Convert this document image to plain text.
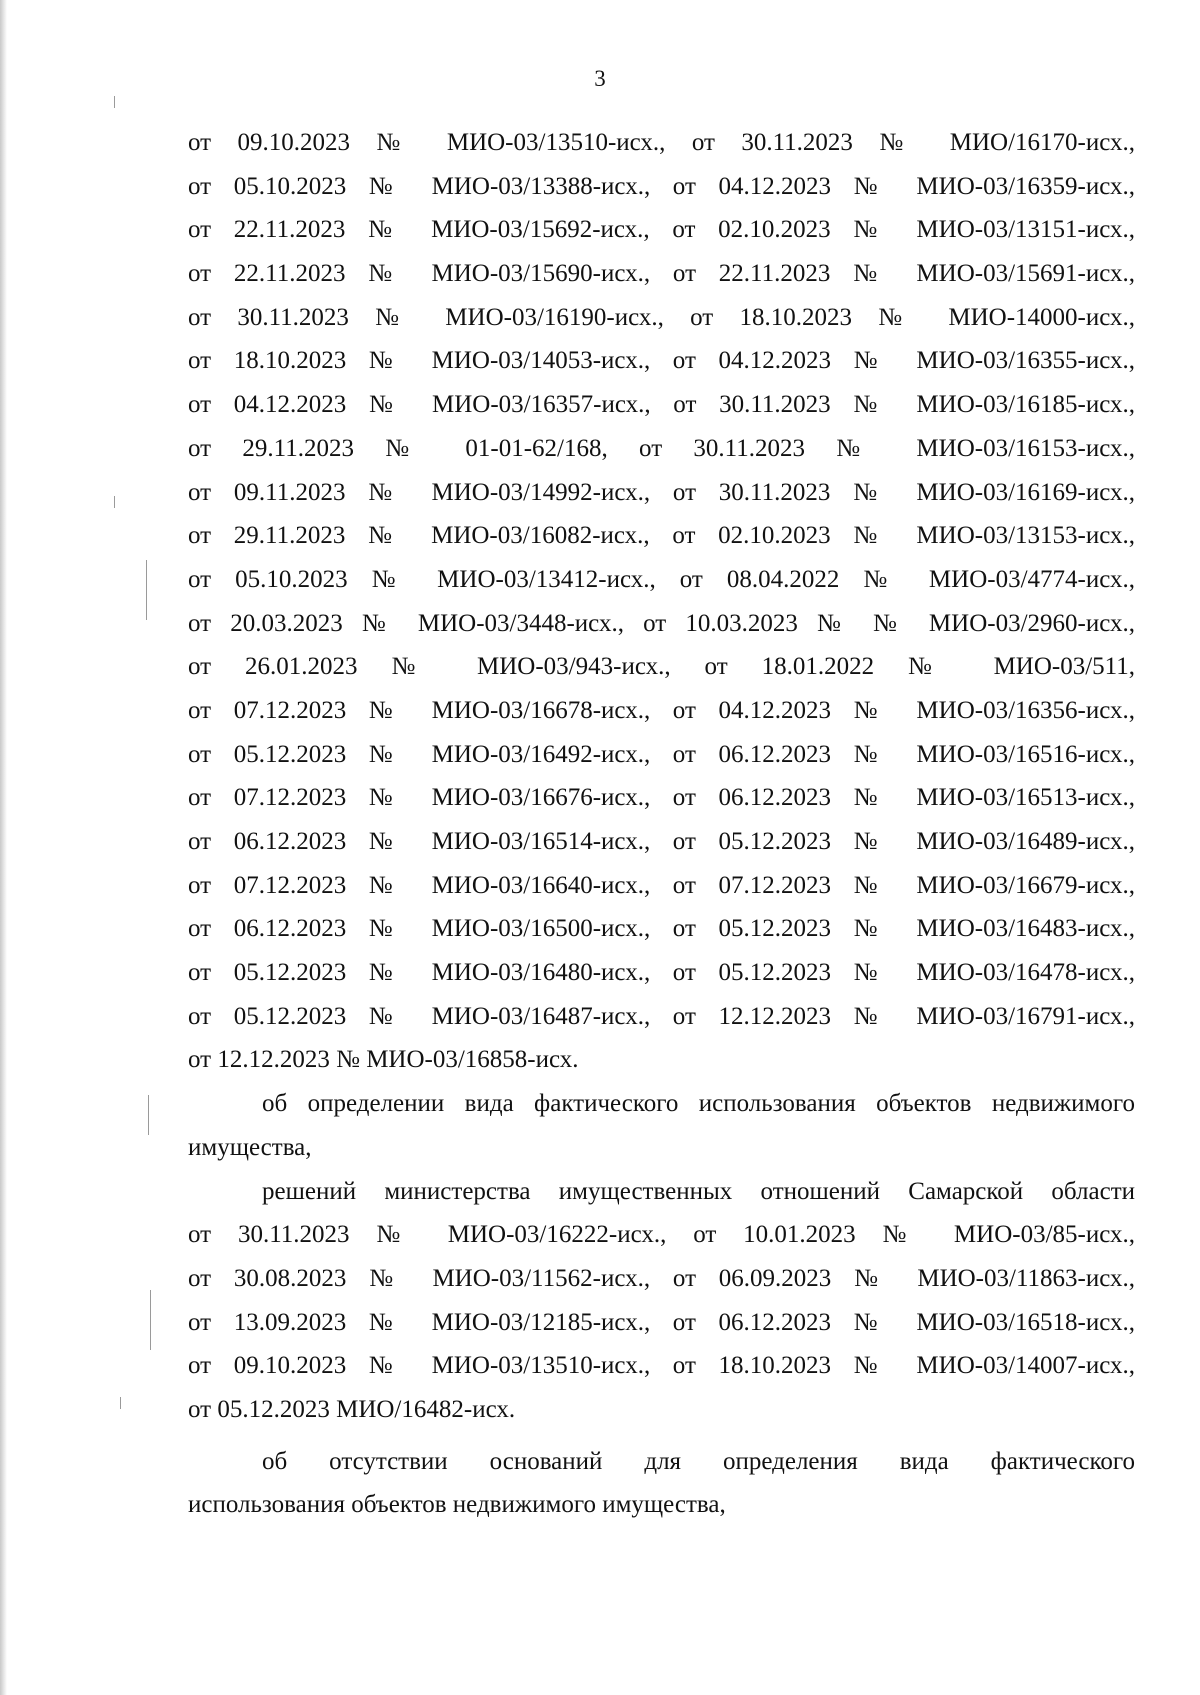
3
от 09.10.2023 № МИО-03/13510-исх., от 30.11.2023 № МИО/16170-исх.,
от 05.10.2023 № МИО-03/13388-исх., от 04.12.2023 № МИО-03/16359-исх.,
от 22.11.2023 № МИО-03/15692-исх., от 02.10.2023 № МИО-03/13151-исх.,
от 22.11.2023 № МИО-03/15690-исх., от 22.11.2023 № МИО-03/15691-исх.,
от 30.11.2023 № МИО-03/16190-исх., от 18.10.2023 № МИО-14000-исх.,
от 18.10.2023 № МИО-03/14053-исх., от 04.12.2023 № МИО-03/16355-исх.,
от 04.12.2023 № МИО-03/16357-исх., от 30.11.2023 № МИО-03/16185-исх.,
от 29.11.2023 № 01-01-62/168, от 30.11.2023 № МИО-03/16153-исх.,
от 09.11.2023 № МИО-03/14992-исх., от 30.11.2023 № МИО-03/16169-исх.,
от 29.11.2023 № МИО-03/16082-исх., от 02.10.2023 № МИО-03/13153-исх.,
от 05.10.2023 № МИО-03/13412-исх., от 08.04.2022 № МИО-03/4774-исх.,
от 20.03.2023 № МИО-03/3448-исх., от 10.03.2023 № № МИО-03/2960-исх.,
от 26.01.2023 № МИО-03/943-исх., от 18.01.2022 № МИО-03/511,
от 07.12.2023 № МИО-03/16678-исх., от 04.12.2023 № МИО-03/16356-исх.,
от 05.12.2023 № МИО-03/16492-исх., от 06.12.2023 № МИО-03/16516-исх.,
от 07.12.2023 № МИО-03/16676-исх., от 06.12.2023 № МИО-03/16513-исх.,
от 06.12.2023 № МИО-03/16514-исх., от 05.12.2023 № МИО-03/16489-исх.,
от 07.12.2023 № МИО-03/16640-исх., от 07.12.2023 № МИО-03/16679-исх.,
от 06.12.2023 № МИО-03/16500-исх., от 05.12.2023 № МИО-03/16483-исх.,
от 05.12.2023 № МИО-03/16480-исх., от 05.12.2023 № МИО-03/16478-исх.,
от 05.12.2023 № МИО-03/16487-исх., от 12.12.2023 № МИО-03/16791-исх.,
от 12.12.2023 № МИО-03/16858-исх.
об определении вида фактического использования объектов недвижимого
имущества,
решений министерства имущественных отношений Самарской области
от 30.11.2023 № МИО-03/16222-исх., от 10.01.2023 № МИО-03/85-исх.,
от 30.08.2023 № МИО-03/11562-исх., от 06.09.2023 № МИО-03/11863-исх.,
от 13.09.2023 № МИО-03/12185-исх., от 06.12.2023 № МИО-03/16518-исх.,
от 09.10.2023 № МИО-03/13510-исх., от 18.10.2023 № МИО-03/14007-исх.,
от 05.12.2023 МИО/16482-исх.
об отсутствии оснований для определения вида фактического
использования объектов недвижимого имущества,
